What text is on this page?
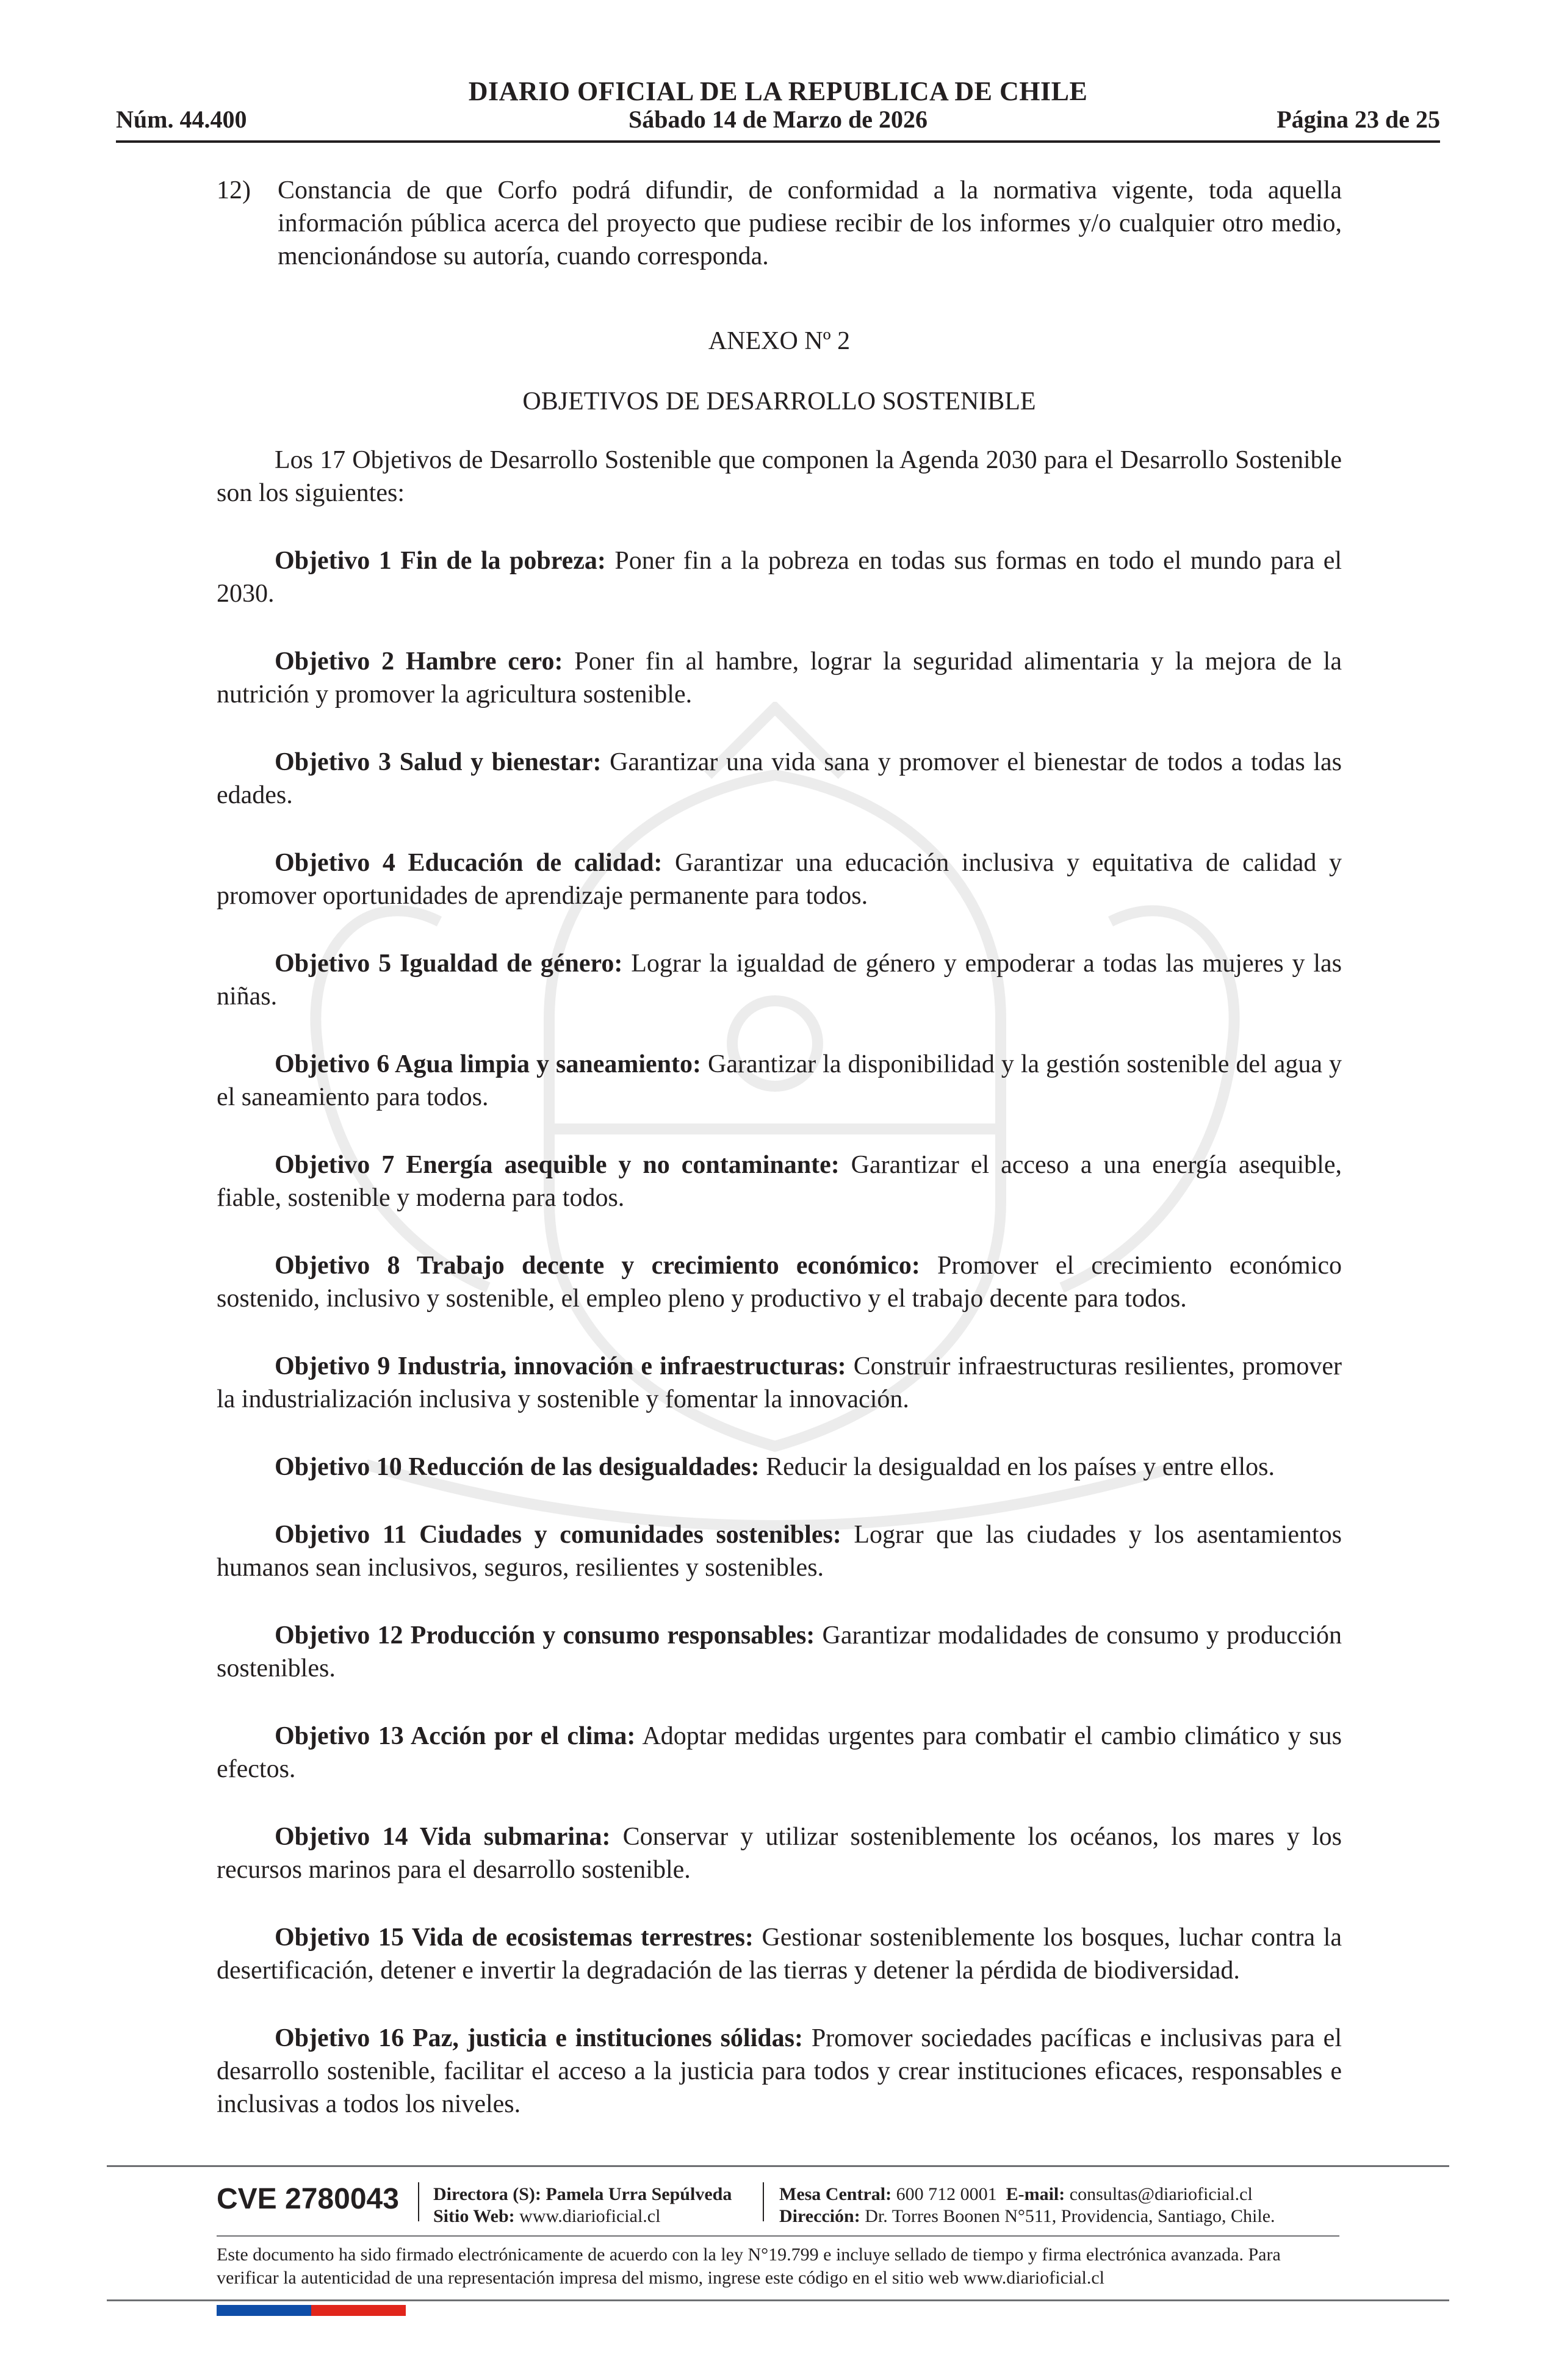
DIARIO OFICIAL DE LA REPUBLICA DE CHILE
Núm. 44.400	Sábado 14 de Marzo de 2026	Página 23 de 25
12)	Constancia de que Corfo podrá difundir, de conformidad a la normativa vigente, toda aquella información pública acerca del proyecto que pudiese recibir de los informes y/o cualquier otro medio, mencionándose su autoría, cuando corresponda.

ANEXO Nº 2

OBJETIVOS DE DESARROLLO SOSTENIBLE

Los 17 Objetivos de Desarrollo Sostenible que componen la Agenda 2030 para el Desarrollo Sostenible son los siguientes:

Objetivo 1 Fin de la pobreza: Poner fin a la pobreza en todas sus formas en todo el mundo para el 2030.

Objetivo 2 Hambre cero: Poner fin al hambre, lograr la seguridad alimentaria y la mejora de la nutrición y promover la agricultura sostenible.

Objetivo 3 Salud y bienestar: Garantizar una vida sana y promover el bienestar de todos a todas las edades.

Objetivo 4 Educación de calidad: Garantizar una educación inclusiva y equitativa de calidad y promover oportunidades de aprendizaje permanente para todos.

Objetivo 5 Igualdad de género: Lograr la igualdad de género y empoderar a todas las mujeres y las niñas.

Objetivo 6 Agua limpia y saneamiento: Garantizar la disponibilidad y la gestión sostenible del agua y el saneamiento para todos.

Objetivo 7 Energía asequible y no contaminante: Garantizar el acceso a una energía asequible, fiable, sostenible y moderna para todos.

Objetivo 8 Trabajo decente y crecimiento económico: Promover el crecimiento económico sostenido, inclusivo y sostenible, el empleo pleno y productivo y el trabajo decente para todos.

Objetivo 9 Industria, innovación e infraestructuras: Construir infraestructuras resilientes, promover la industrialización inclusiva y sostenible y fomentar la innovación.

Objetivo 10 Reducción de las desigualdades: Reducir la desigualdad en los países y entre ellos.

Objetivo 11 Ciudades y comunidades sostenibles: Lograr que las ciudades y los asentamientos humanos sean inclusivos, seguros, resilientes y sostenibles.

Objetivo 12 Producción y consumo responsables: Garantizar modalidades de consumo y producción sostenibles.

Objetivo 13 Acción por el clima: Adoptar medidas urgentes para combatir el cambio climático y sus efectos.

Objetivo 14 Vida submarina: Conservar y utilizar sosteniblemente los océanos, los mares y los recursos marinos para el desarrollo sostenible.

Objetivo 15 Vida de ecosistemas terrestres: Gestionar sosteniblemente los bosques, luchar contra la desertificación, detener e invertir la degradación de las tierras y detener la pérdida de biodiversidad.

Objetivo 16 Paz, justicia e instituciones sólidas: Promover sociedades pacíficas e inclusivas para el desarrollo sostenible, facilitar el acceso a la justicia para todos y crear instituciones eficaces, responsables e inclusivas a todos los niveles.

CVE 2780043 Directora (S): Pamela Urra Sepúlveda
Sitio Web: www.diarioficial.cl
Mesa Central: 600 712 0001 E-mail: consultas@diarioficial.cl
Dirección: Dr. Torres Boonen N°511, Providencia, Santiago, Chile.
Este documento ha sido firmado electrónicamente de acuerdo con la ley N°19.799 e incluye sellado de tiempo y firma electrónica avanzada. Para verificar la autenticidad de una representación impresa del mismo, ingrese este código en el sitio web www.diarioficial.cl
